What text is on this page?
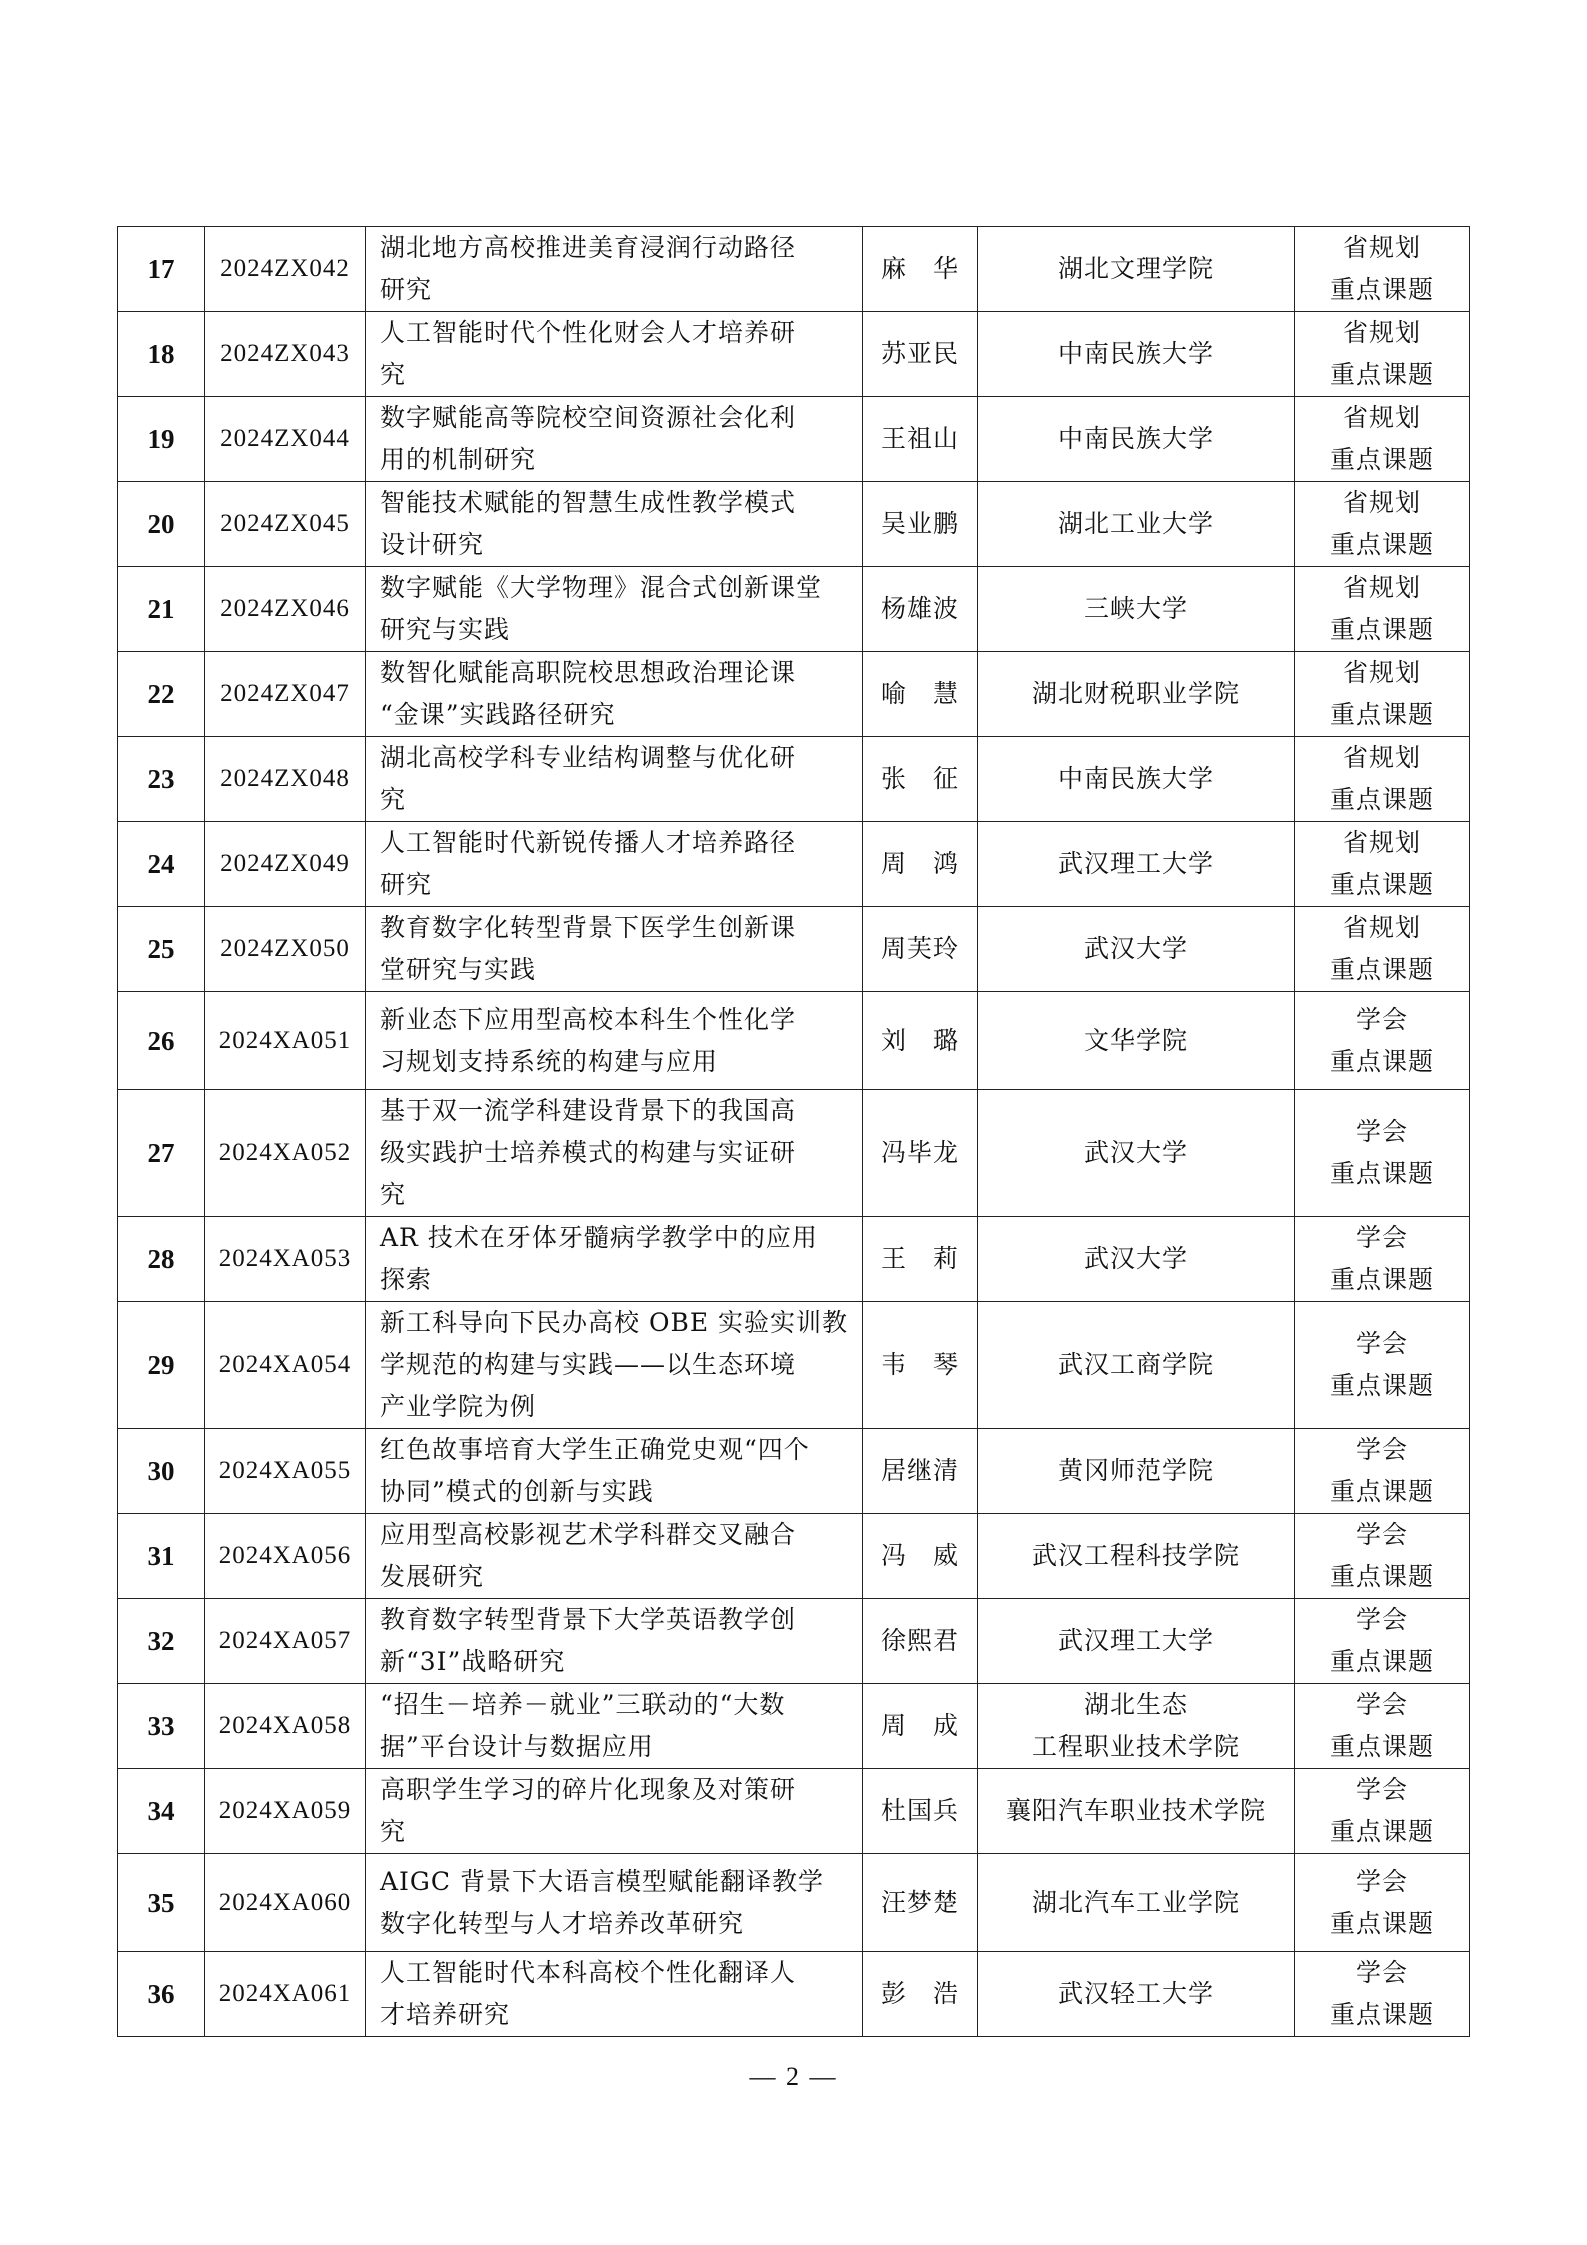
17	2024ZX042	湖北地方高校推进美育浸润行动路径
研究	麻　华	湖北文理学院	省规划
重点课题

18	2024ZX043	人工智能时代个性化财会人才培养研
究	苏亚民	中南民族大学	省规划
重点课题

19	2024ZX044	数字赋能高等院校空间资源社会化利
用的机制研究	王祖山	中南民族大学	省规划
重点课题

20	2024ZX045	智能技术赋能的智慧生成性教学模式
设计研究	吴业鹏	湖北工业大学	省规划
重点课题

21	2024ZX046	数字赋能《大学物理》混合式创新课堂
研究与实践	杨雄波	三峡大学	省规划
重点课题

22	2024ZX047	数智化赋能高职院校思想政治理论课
“金课”实践路径研究	喻　慧	湖北财税职业学院	省规划
重点课题

23	2024ZX048	湖北高校学科专业结构调整与优化研
究	张　征	中南民族大学	省规划
重点课题

24	2024ZX049	人工智能时代新锐传播人才培养路径
研究	周　鸿	武汉理工大学	省规划
重点课题

25	2024ZX050	教育数字化转型背景下医学生创新课
堂研究与实践	周芙玲	武汉大学	省规划
重点课题

26	2024XA051	新业态下应用型高校本科生个性化学
习规划支持系统的构建与应用	刘　璐	文华学院	学会
重点课题

27	2024XA052	基于双一流学科建设背景下的我国高
级实践护士培养模式的构建与实证研
究	冯毕龙	武汉大学	学会
重点课题

28	2024XA053	AR 技术在牙体牙髓病学教学中的应用
探索	王　莉	武汉大学	学会
重点课题

29	2024XA054	新工科导向下民办高校 OBE 实验实训教
学规范的构建与实践——以生态环境
产业学院为例	韦　琴	武汉工商学院	学会
重点课题

30	2024XA055	红色故事培育大学生正确党史观“四个
协同”模式的创新与实践	居继清	黄冈师范学院	学会
重点课题

31	2024XA056	应用型高校影视艺术学科群交叉融合
发展研究	冯　威	武汉工程科技学院	学会
重点课题

32	2024XA057	教育数字转型背景下大学英语教学创
新“3I”战略研究	徐熙君	武汉理工大学	学会
重点课题

33	2024XA058	“招生－培养－就业”三联动的“大数
据”平台设计与数据应用	周　成	湖北生态
工程职业技术学院	学会
重点课题

34	2024XA059	高职学生学习的碎片化现象及对策研
究	杜国兵	襄阳汽车职业技术学院	学会
重点课题

35	2024XA060	AIGC 背景下大语言模型赋能翻译教学
数字化转型与人才培养改革研究	汪梦楚	湖北汽车工业学院	学会
重点课题

36	2024XA061	人工智能时代本科高校个性化翻译人
才培养研究	彭　浩	武汉轻工大学	学会
重点课题
— 2 —
